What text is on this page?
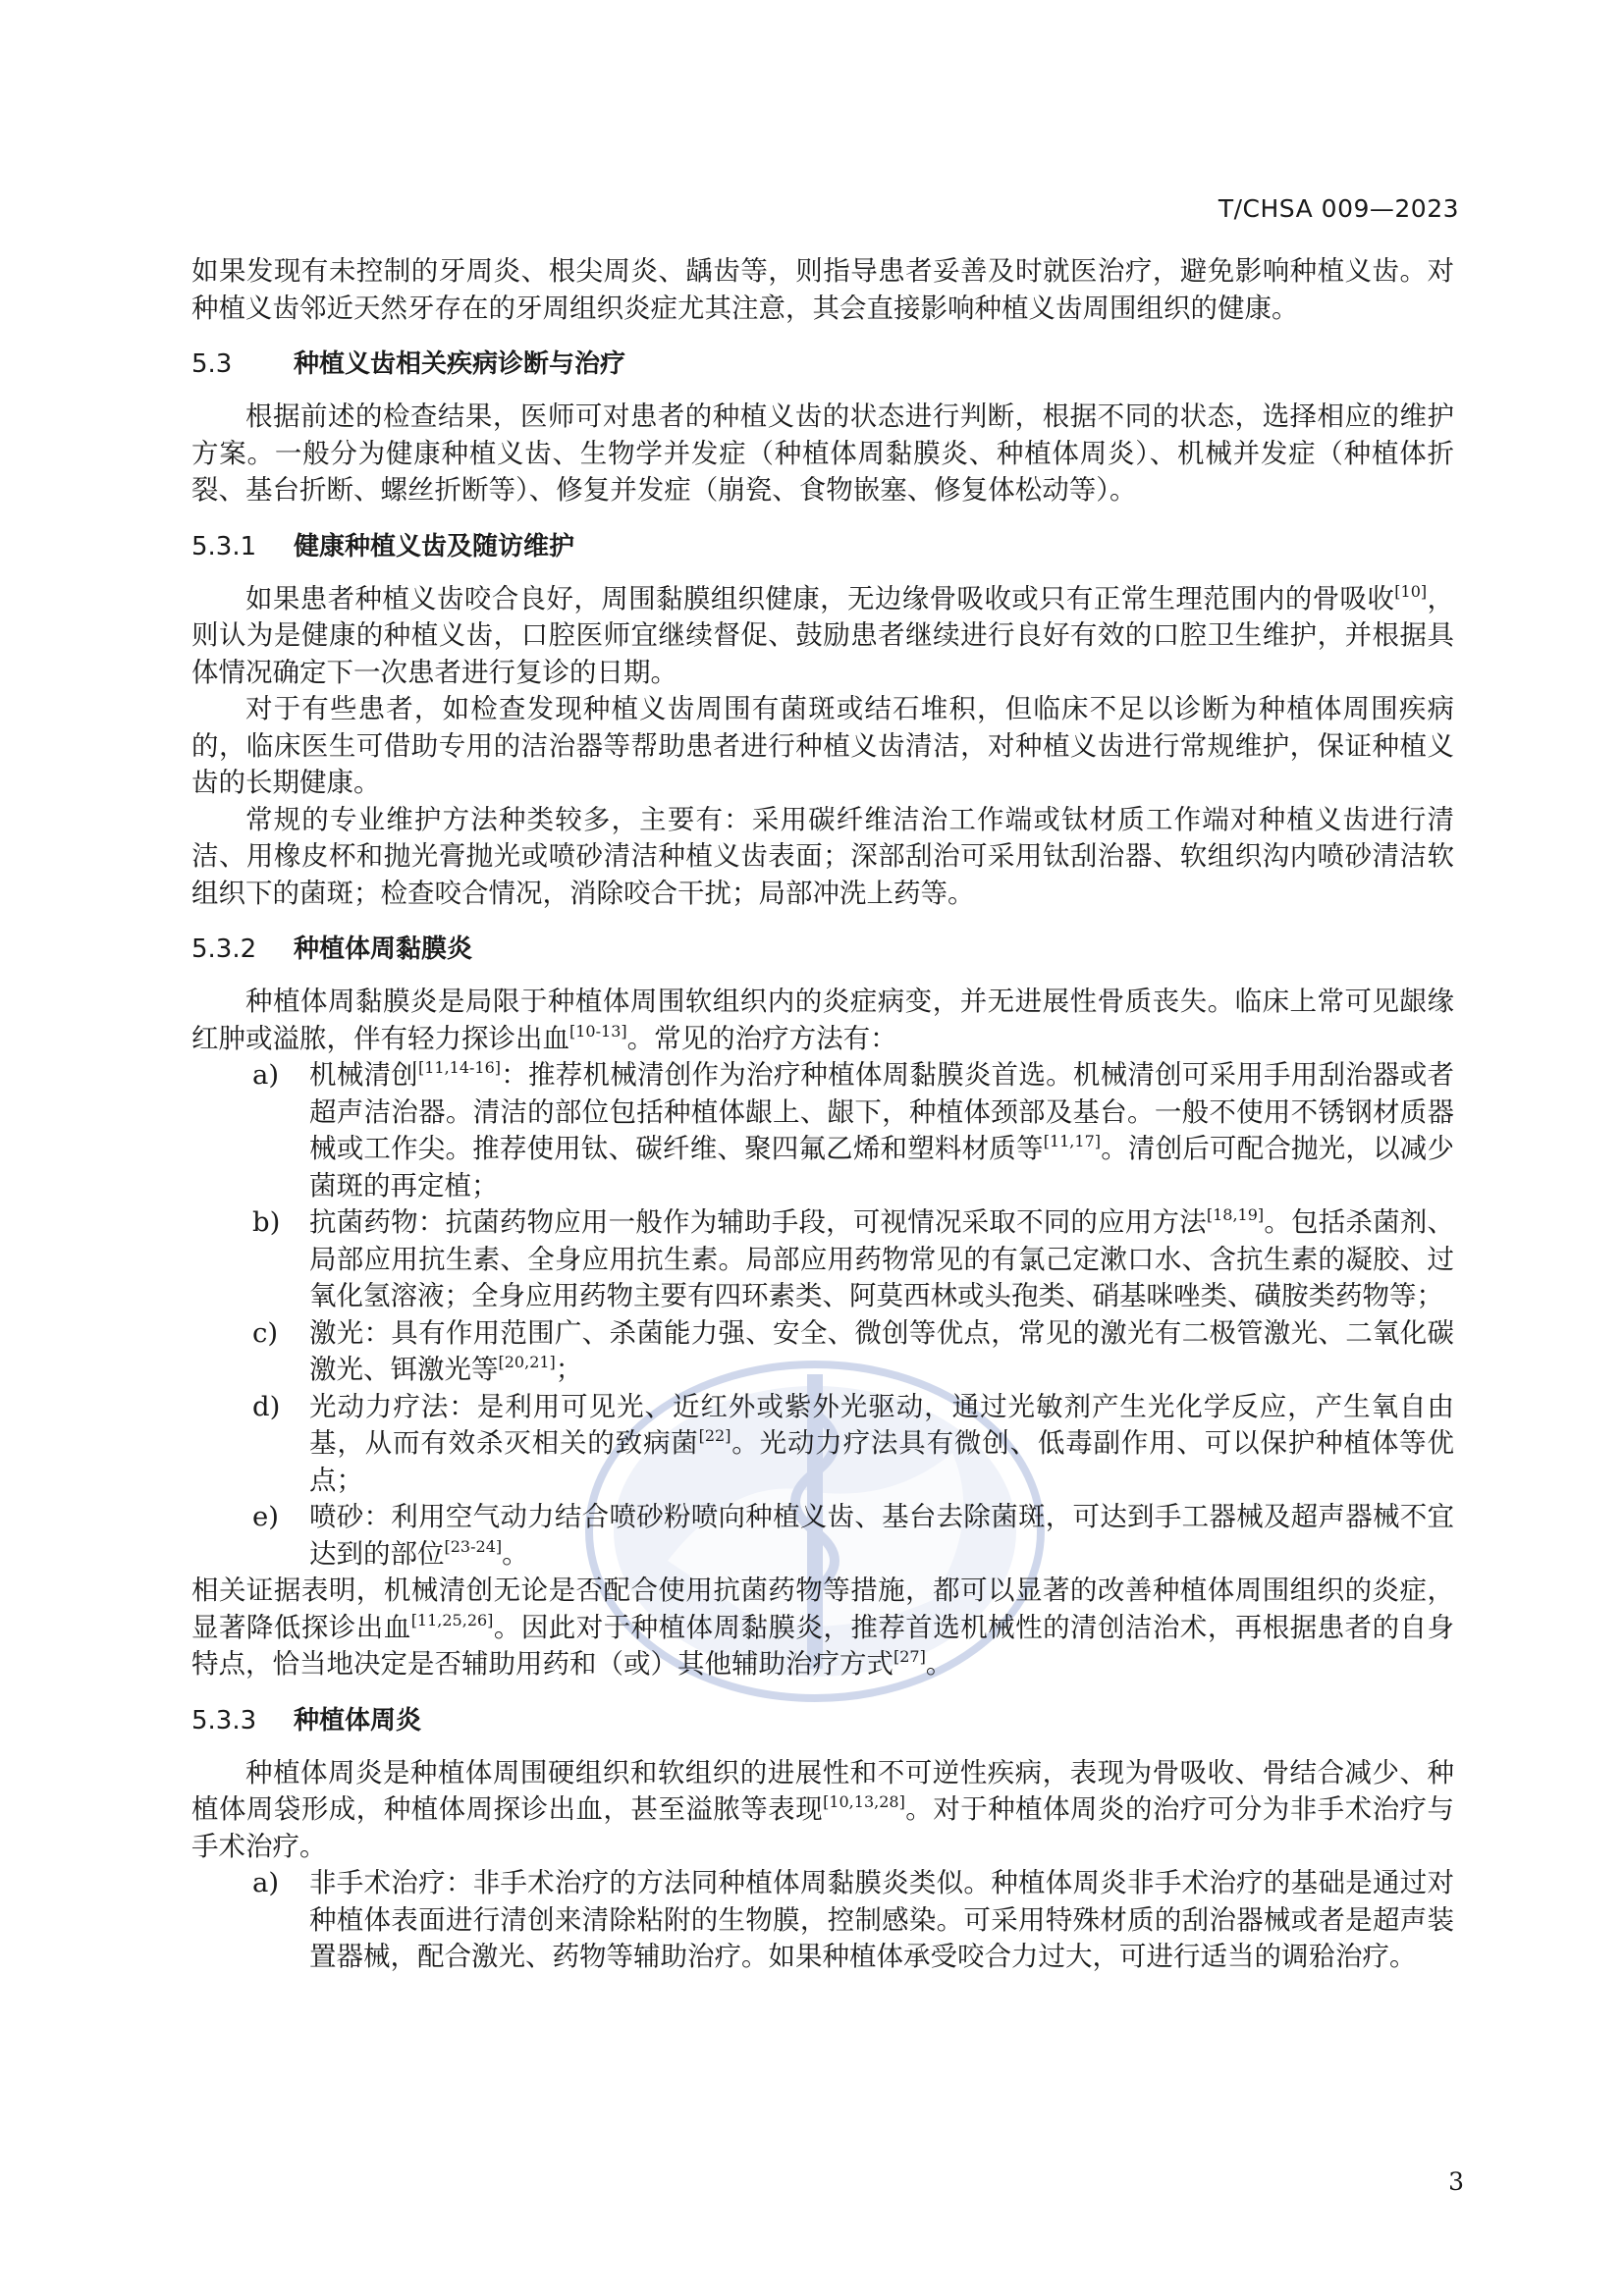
T/CHSA 009—2023

如果发现有未控制的牙周炎、根尖周炎、龋齿等，则指导患者妥善及时就医治疗，避免影响种植义齿。对种植义齿邻近天然牙存在的牙周组织炎症尤其注意，其会直接影响种植义齿周围组织的健康。

5.3 种植义齿相关疾病诊断与治疗

根据前述的检查结果，医师可对患者的种植义齿的状态进行判断，根据不同的状态，选择相应的维护方案。一般分为健康种植义齿、生物学并发症（种植体周黏膜炎、种植体周炎）、机械并发症（种植体折裂、基台折断、螺丝折断等）、修复并发症（崩瓷、食物嵌塞、修复体松动等）。

5.3.1 健康种植义齿及随访维护

如果患者种植义齿咬合良好，周围黏膜组织健康，无边缘骨吸收或只有正常生理范围内的骨吸收[10]，则认为是健康的种植义齿，口腔医师宜继续督促、鼓励患者继续进行良好有效的口腔卫生维护，并根据具体情况确定下一次患者进行复诊的日期。

对于有些患者，如检查发现种植义齿周围有菌斑或结石堆积，但临床不足以诊断为种植体周围疾病的，临床医生可借助专用的洁治器等帮助患者进行种植义齿清洁，对种植义齿进行常规维护，保证种植义齿的长期健康。

常规的专业维护方法种类较多，主要有：采用碳纤维洁治工作端或钛材质工作端对种植义齿进行清洁、用橡皮杯和抛光膏抛光或喷砂清洁种植义齿表面；深部刮治可采用钛刮治器、软组织沟内喷砂清洁软组织下的菌斑；检查咬合情况，消除咬合干扰；局部冲洗上药等。

5.3.2 种植体周黏膜炎

种植体周黏膜炎是局限于种植体周围软组织内的炎症病变，并无进展性骨质丧失。临床上常可见龈缘红肿或溢脓，伴有轻力探诊出血[10-13]。常见的治疗方法有：

a) 机械清创[11,14-16]：推荐机械清创作为治疗种植体周黏膜炎首选。机械清创可采用手用刮治器或者超声洁治器。清洁的部位包括种植体龈上、龈下，种植体颈部及基台。一般不使用不锈钢材质器械或工作尖。推荐使用钛、碳纤维、聚四氟乙烯和塑料材质等[11,17]。清创后可配合抛光，以减少菌斑的再定植；

b) 抗菌药物：抗菌药物应用一般作为辅助手段，可视情况采取不同的应用方法[18,19]。包括杀菌剂、局部应用抗生素、全身应用抗生素。局部应用药物常见的有氯己定漱口水、含抗生素的凝胶、过氧化氢溶液；全身应用药物主要有四环素类、阿莫西林或头孢类、硝基咪唑类、磺胺类药物等；

c) 激光：具有作用范围广、杀菌能力强、安全、微创等优点，常见的激光有二极管激光、二氧化碳激光、铒激光等[20,21]；

d) 光动力疗法：是利用可见光、近红外或紫外光驱动，通过光敏剂产生光化学反应，产生氧自由基，从而有效杀灭相关的致病菌[22]。光动力疗法具有微创、低毒副作用、可以保护种植体等优点；

e) 喷砂：利用空气动力结合喷砂粉喷向种植义齿、基台去除菌斑，可达到手工器械及超声器械不宜达到的部位[23-24]。

相关证据表明，机械清创无论是否配合使用抗菌药物等措施，都可以显著的改善种植体周围组织的炎症，显著降低探诊出血[11,25,26]。因此对于种植体周黏膜炎，推荐首选机械性的清创洁治术，再根据患者的自身特点，恰当地决定是否辅助用药和（或）其他辅助治疗方式[27]。

5.3.3 种植体周炎

种植体周炎是种植体周围硬组织和软组织的进展性和不可逆性疾病，表现为骨吸收、骨结合减少、种植体周袋形成，种植体周探诊出血，甚至溢脓等表现[10,13,28]。对于种植体周炎的治疗可分为非手术治疗与手术治疗。

a) 非手术治疗：非手术治疗的方法同种植体周黏膜炎类似。种植体周炎非手术治疗的基础是通过对种植体表面进行清创来清除粘附的生物膜，控制感染。可采用特殊材质的刮治器械或者是超声装置器械，配合激光、药物等辅助治疗。如果种植体承受咬合力过大，可进行适当的调𬌗治疗。

3
